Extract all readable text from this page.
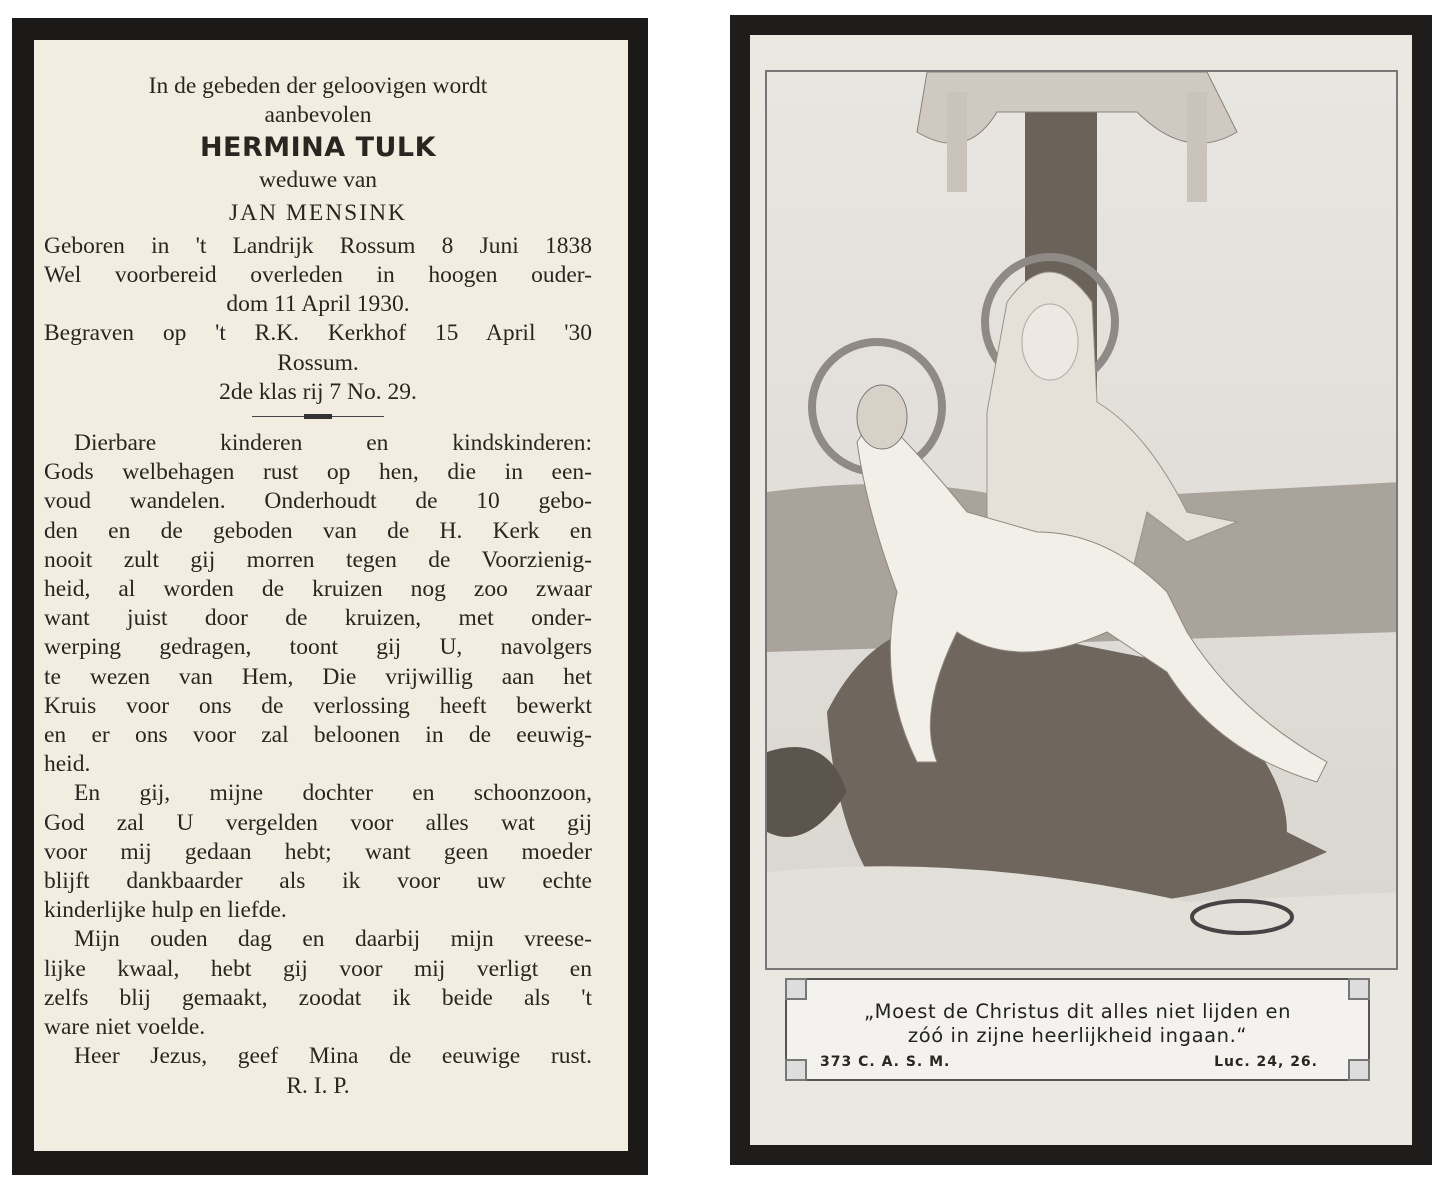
In de gebeden der geloovigen wordt
aanbevolen
HERMINA TULK
weduwe van
JAN MENSINK
Geboren in 't Landrijk Rossum 8 Juni 1838
Wel voorbereid overleden in hoogen ouder-
dom 11 April 1930.
Begraven op 't R.K. Kerkhof 15 April '30
Rossum.
2de klas rij 7 No. 29.
Dierbare kinderen en kindskinderen:
Gods welbehagen rust op hen, die in een-
voud wandelen. Onderhoudt de 10 gebo-
den en de geboden van de H. Kerk en
nooit zult gij morren tegen de Voorzienig-
heid, al worden de kruizen nog zoo zwaar
want juist door de kruizen, met onder-
werping gedragen, toont gij U, navolgers
te wezen van Hem, Die vrijwillig aan het
Kruis voor ons de verlossing heeft bewerkt
en er ons voor zal beloonen in de eeuwig-
heid.
En gij, mijne dochter en schoonzoon,
God zal U vergelden voor alles wat gij
voor mij gedaan hebt; want geen moeder
blijft dankbaarder als ik voor uw echte
kinderlijke hulp en liefde.
Mijn ouden dag en daarbij mijn vreese-
lijke kwaal, hebt gij voor mij verligt en
zelfs blij gemaakt, zoodat ik beide als 't
ware niet voelde.
Heer Jezus, geef Mina de eeuwige rust.
R. I. P.
„Moest de Christus dit alles niet lijden en
zóó in zijne heerlijkheid ingaan.“
373 C. A. S. M.	Luc. 24, 26.
